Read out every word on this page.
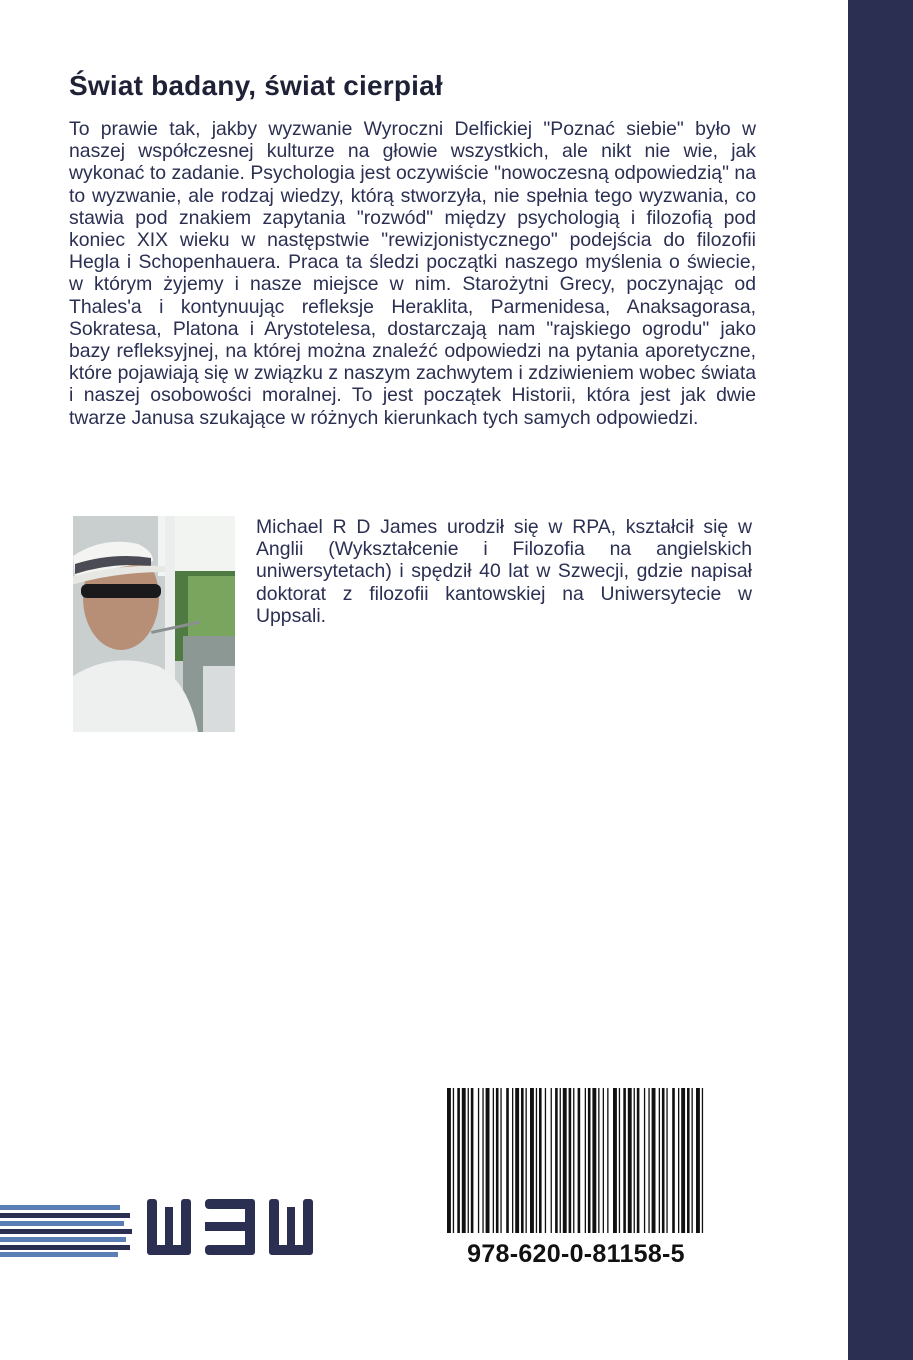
Świat badany, świat cierpiał

To prawie tak, jakby wyzwanie Wyroczni Delfickiej "Poznać siebie" było w naszej współczesnej kulturze na głowie wszystkich, ale nikt nie wie, jak wykonać to zadanie. Psychologia jest oczywiście "nowoczesną odpowiedzią" na to wyzwanie, ale rodzaj wiedzy, którą stworzyła, nie spełnia tego wyzwania, co stawia pod znakiem zapytania "rozwód" między psychologią i filozofią pod koniec XIX wieku w następstwie "rewizjonistycznego" podejścia do filozofii Hegla i Schopenhauera. Praca ta śledzi początki naszego myślenia o świecie, w którym żyjemy i nasze miejsce w nim. Starożytni Grecy, poczynając od Thales'a i kontynuując refleksje Heraklita, Parmenidesa, Anaksagorasa, Sokratesa, Platona i Arystotelesa, dostarczają nam "rajskiego ogrodu" jako bazy refleksyjnej, na której można znaleźć odpowiedzi na pytania aporetyczne, które pojawiają się w związku z naszym zachwytem i zdziwieniem wobec świata i naszej osobowości moralnej. To jest początek Historii, która jest jak dwie twarze Janusa szukające w różnych kierunkach tych samych odpowiedzi.

Michael R D James urodził się w RPA, kształcił się w Anglii (Wykształcenie i Filozofia na angielskich uniwersytetach) i spędził 40 lat w Szwecji, gdzie napisał doktorat z filozofii kantowskiej na Uniwersytecie w Uppsali.

978-620-0-81158-5
